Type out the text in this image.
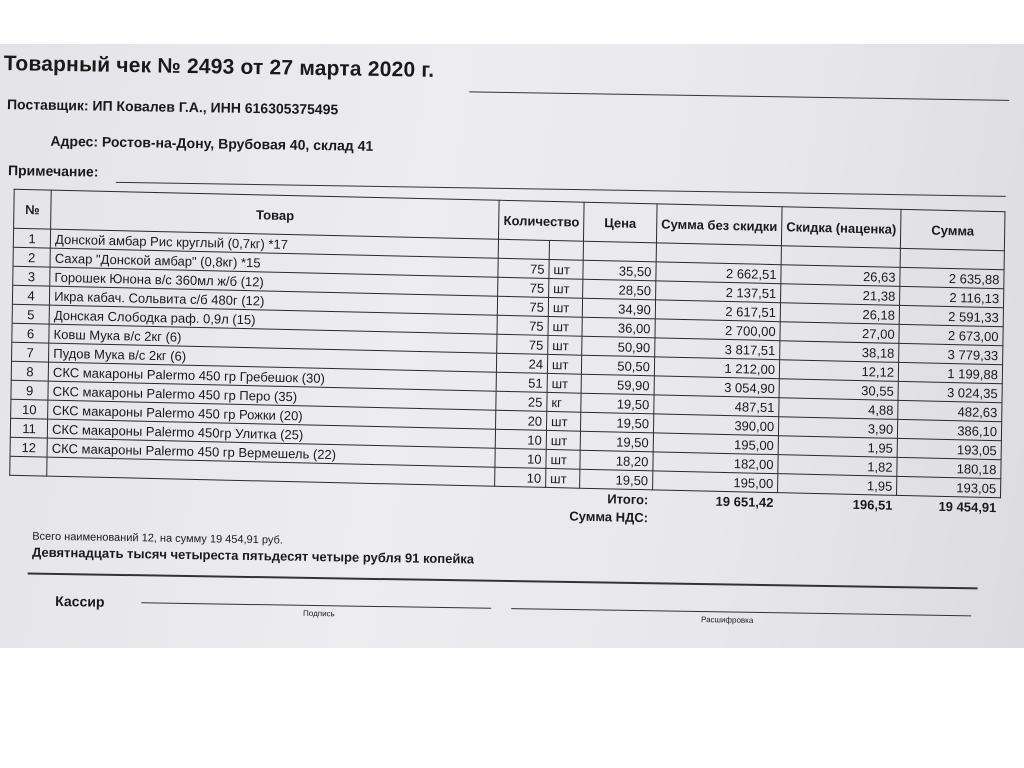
Товарный чек № 2493 от 27 марта 2020 г.
Поставщик: ИП Ковалев Г.А., ИНН 616305375495
Адрес: Ростов-на-Дону, Врубовая 40, склад 41
Примечание:
№	Товар	Количество		Цена	Сумма без скидки	Скидка (наценка)	Сумма
1	Донской амбар Рис круглый (0,7кг) *17						
2	Сахар "Донской амбар" (0,8кг) *15	75	шт	35,50	2 662,51	26,63	2 635,88
3	Горошек Юнона в/с 360мл ж/б (12)	75	шт	28,50	2 137,51	21,38	2 116,13
4	Икра кабач. Сольвита с/б 480г (12)	75	шт	34,90	2 617,51	26,18	2 591,33
5	Донская Слободка раф. 0,9л (15)	75	шт	36,00	2 700,00	27,00	2 673,00
6	Ковш Мука в/с 2кг (6)	75	шт	50,90	3 817,51	38,18	3 779,33
7	Пудов Мука в/с 2кг (6)	24	шт	50,50	1 212,00	12,12	1 199,88
8	СКС макароны Palermo 450 гр Гребешок (30)	51	шт	59,90	3 054,90	30,55	3 024,35
9	СКС макароны Palermo 450 гр Перо (35)	25	кг	19,50	487,51	4,88	482,63
10	СКС макароны Palermo 450 гр Рожки (20)	20	шт	19,50	390,00	3,90	386,10
11	СКС макароны Palermo 450гр Улитка (25)	10	шт	19,50	195,00	1,95	193,05
12	СКС макароны Palermo 450 гр Вермешель (22)	10	шт	18,20	182,00	1,82	180,18
		10	шт	19,50	195,00	1,95	193,05
Итого:					19 651,42	196,51	19 454,91
Сумма НДС:							
Всего наименований 12, на сумму 19 454,91 руб.
Девятнадцать тысяч четыреста пятьдесят четыре рубля 91 копейка
Кассир
Подпись
Расшифровка
